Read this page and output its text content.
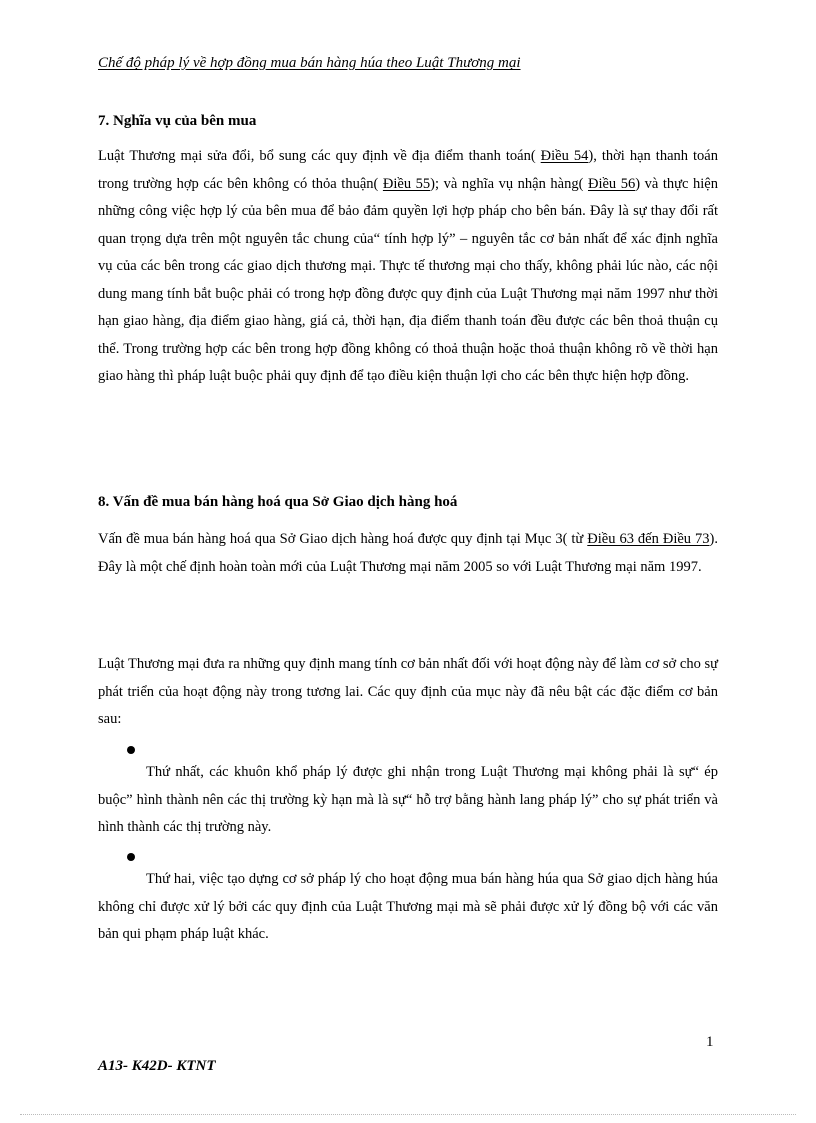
Chế độ pháp lý về hợp đồng mua bán hàng húa theo Luật Thương mại

7. Nghĩa vụ của bên mua

Luật Thương mại sửa đổi, bổ sung các quy định về địa điểm thanh toán( Điều 54), thời hạn thanh toán trong trường hợp các bên không có thỏa thuận( Điều 55); và nghĩa vụ nhận hàng( Điều 56) và thực hiện những công việc hợp lý của bên mua để bảo đảm quyền lợi hợp pháp cho bên bán. Đây là sự thay đổi rất quan trọng dựa trên một nguyên tắc chung của“ tính hợp lý” – nguyên tắc cơ bản nhất để xác định nghĩa vụ của các bên trong các giao dịch thương mại. Thực tế thương mại cho thấy, không phải lúc nào, các nội dung mang tính bắt buộc phải có trong hợp đồng được quy định của Luật Thương mại năm 1997 như thời hạn giao hàng, địa điểm giao hàng, giá cả, thời hạn, địa điểm thanh toán đều được các bên thoả thuận cụ thể. Trong trường hợp các bên trong hợp đồng không có thoả thuận hoặc thoả thuận không rõ về thời hạn giao hàng thì pháp luật buộc phải quy định để tạo điều kiện thuận lợi cho các bên thực hiện hợp đồng.

8. Vấn đề mua bán hàng hoá qua Sở Giao dịch hàng hoá

Vấn đề mua bán hàng hoá qua Sở Giao dịch hàng hoá được quy định tại Mục 3( từ Điều 63 đến Điều 73). Đây là một chế định hoàn toàn mới của Luật Thương mại năm 2005 so với Luật Thương mại năm 1997.

Luật Thương mại đưa ra những quy định mang tính cơ bản nhất đối với hoạt động này để làm cơ sở cho sự phát triển của hoạt động này trong tương lai. Các quy định của mục này đã nêu bật các đặc điểm cơ bản sau:

Thứ nhất, các khuôn khổ pháp lý được ghi nhận trong Luật Thương mại không phải là sự“ ép buộc” hình thành nên các thị trường kỳ hạn mà là sự“ hỗ trợ bằng hành lang pháp lý” cho sự phát triển và hình thành các thị trường này.

Thứ hai, việc tạo dựng cơ sở pháp lý cho hoạt động mua bán hàng húa qua Sở giao dịch hàng húa không chỉ được xử lý bởi các quy định của Luật Thương mại mà sẽ phải được xử lý đồng bộ với các văn bản qui phạm pháp luật khác.

1
A13- K42D- KTNT
